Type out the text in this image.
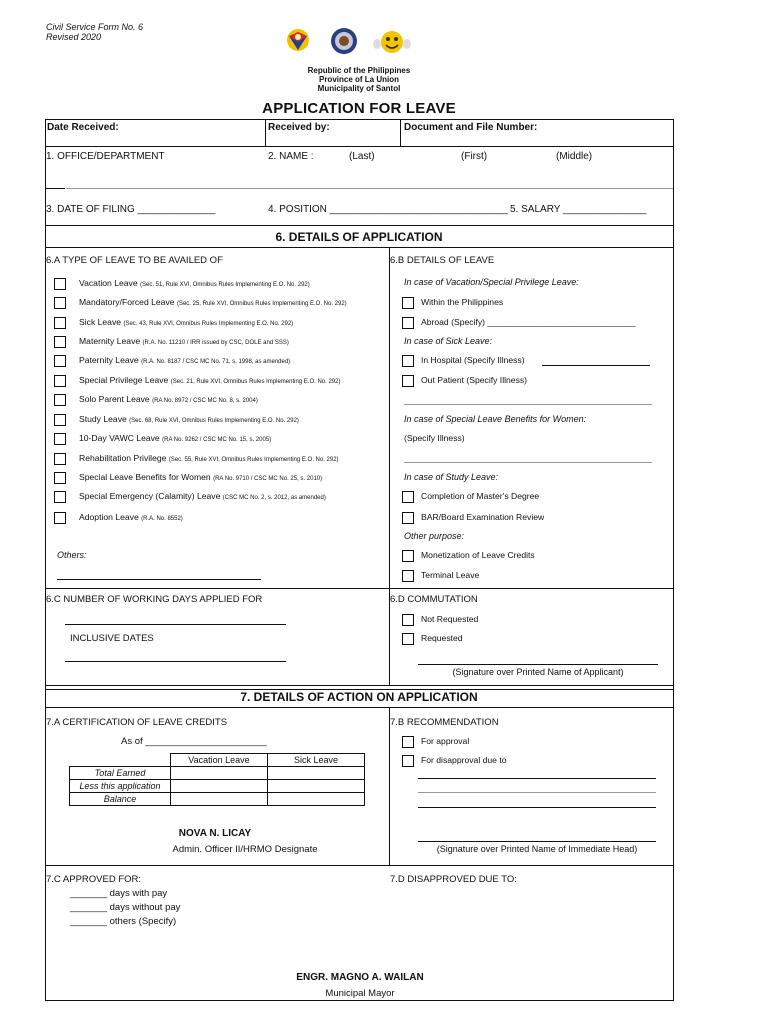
Civil Service Form No. 6
Revised 2020
Republic of the Philippines
Province of La Union
Municipality of Santol
APPLICATION FOR LEAVE
Date Received:	Received by:	Document and File Number:
1. OFFICE/DEPARTMENT	2. NAME :	(Last)	(First)	(Middle)
3. DATE OF FILING ______________	4. POSITION ________________________________ 5. SALARY _______________
6. DETAILS OF APPLICATION
6.A TYPE OF LEAVE TO BE AVAILED OF
Vacation Leave (Sec. 51, Rule XVI, Omnibus Rules Implementing E.O. No. 292)
Mandatory/Forced Leave (Sec. 25, Rule XVI, Omnibus Rules Implementing E.O. No. 292)
Sick Leave (Sec. 43, Rule XVI, Omnibus Rules Implementing E.O. No. 292)
Maternity Leave (R.A. No. 11210 / IRR issued by CSC, DOLE and SSS)
Paternity Leave (R.A. No. 8187 / CSC MC No. 71, s. 1998, as amended)
Special Privilege Leave (Sec. 21, Rule XVI, Omnibus Rules Implementing E.O. No. 292)
Solo Parent Leave (RA No. 8972 / CSC MC No. 8, s. 2004)
Study Leave (Sec. 68, Rule XVI, Omnibus Rules Implementing E.O. No. 292)
10-Day VAWC Leave (RA No. 9262 / CSC MC No. 15, s. 2005)
Rehabilitation Privilege (Sec. 55, Rule XVI, Omnibus Rules Implementing E.O. No. 292)
Special Leave Benefits for Women (RA No. 9710 / CSC MC No. 25, s. 2010)
Special Emergency (Calamity) Leave (CSC MC No. 2, s. 2012, as amended)
Adoption Leave (R.A. No. 8552)
Others:
6.B DETAILS OF LEAVE
In case of Vacation/Special Privilege Leave:
Within the Philippines
Abroad (Specify) _______________________________
In case of Sick Leave:
In Hospital (Specify Illness)
Out Patient (Specify Illness)
In case of Special Leave Benefits for Women:
(Specify Illness)
In case of Study Leave:
Completion of Master's Degree
BAR/Board Examination Review
Other purpose:
Monetization of Leave Credits
Terminal Leave
6.C NUMBER OF WORKING DAYS APPLIED FOR
INCLUSIVE DATES
6.D COMMUTATION
Not Requested
Requested
(Signature over Printed Name of Applicant)
7. DETAILS OF ACTION ON APPLICATION
7.A CERTIFICATION OF LEAVE CREDITS
As of _______________________
	Vacation Leave	Sick Leave
Total Earned		
Less this application		
Balance		
NOVA N. LICAY
Admin. Officer II/HRMO Designate
7.B RECOMMENDATION
For approval
For disapproval due to
(Signature over Printed Name of Immediate Head)
7.C APPROVED FOR:
_______ days with pay
_______ days without pay
_______ others (Specify)
7.D DISAPPROVED DUE TO:
ENGR. MAGNO A. WAILAN
Municipal Mayor
